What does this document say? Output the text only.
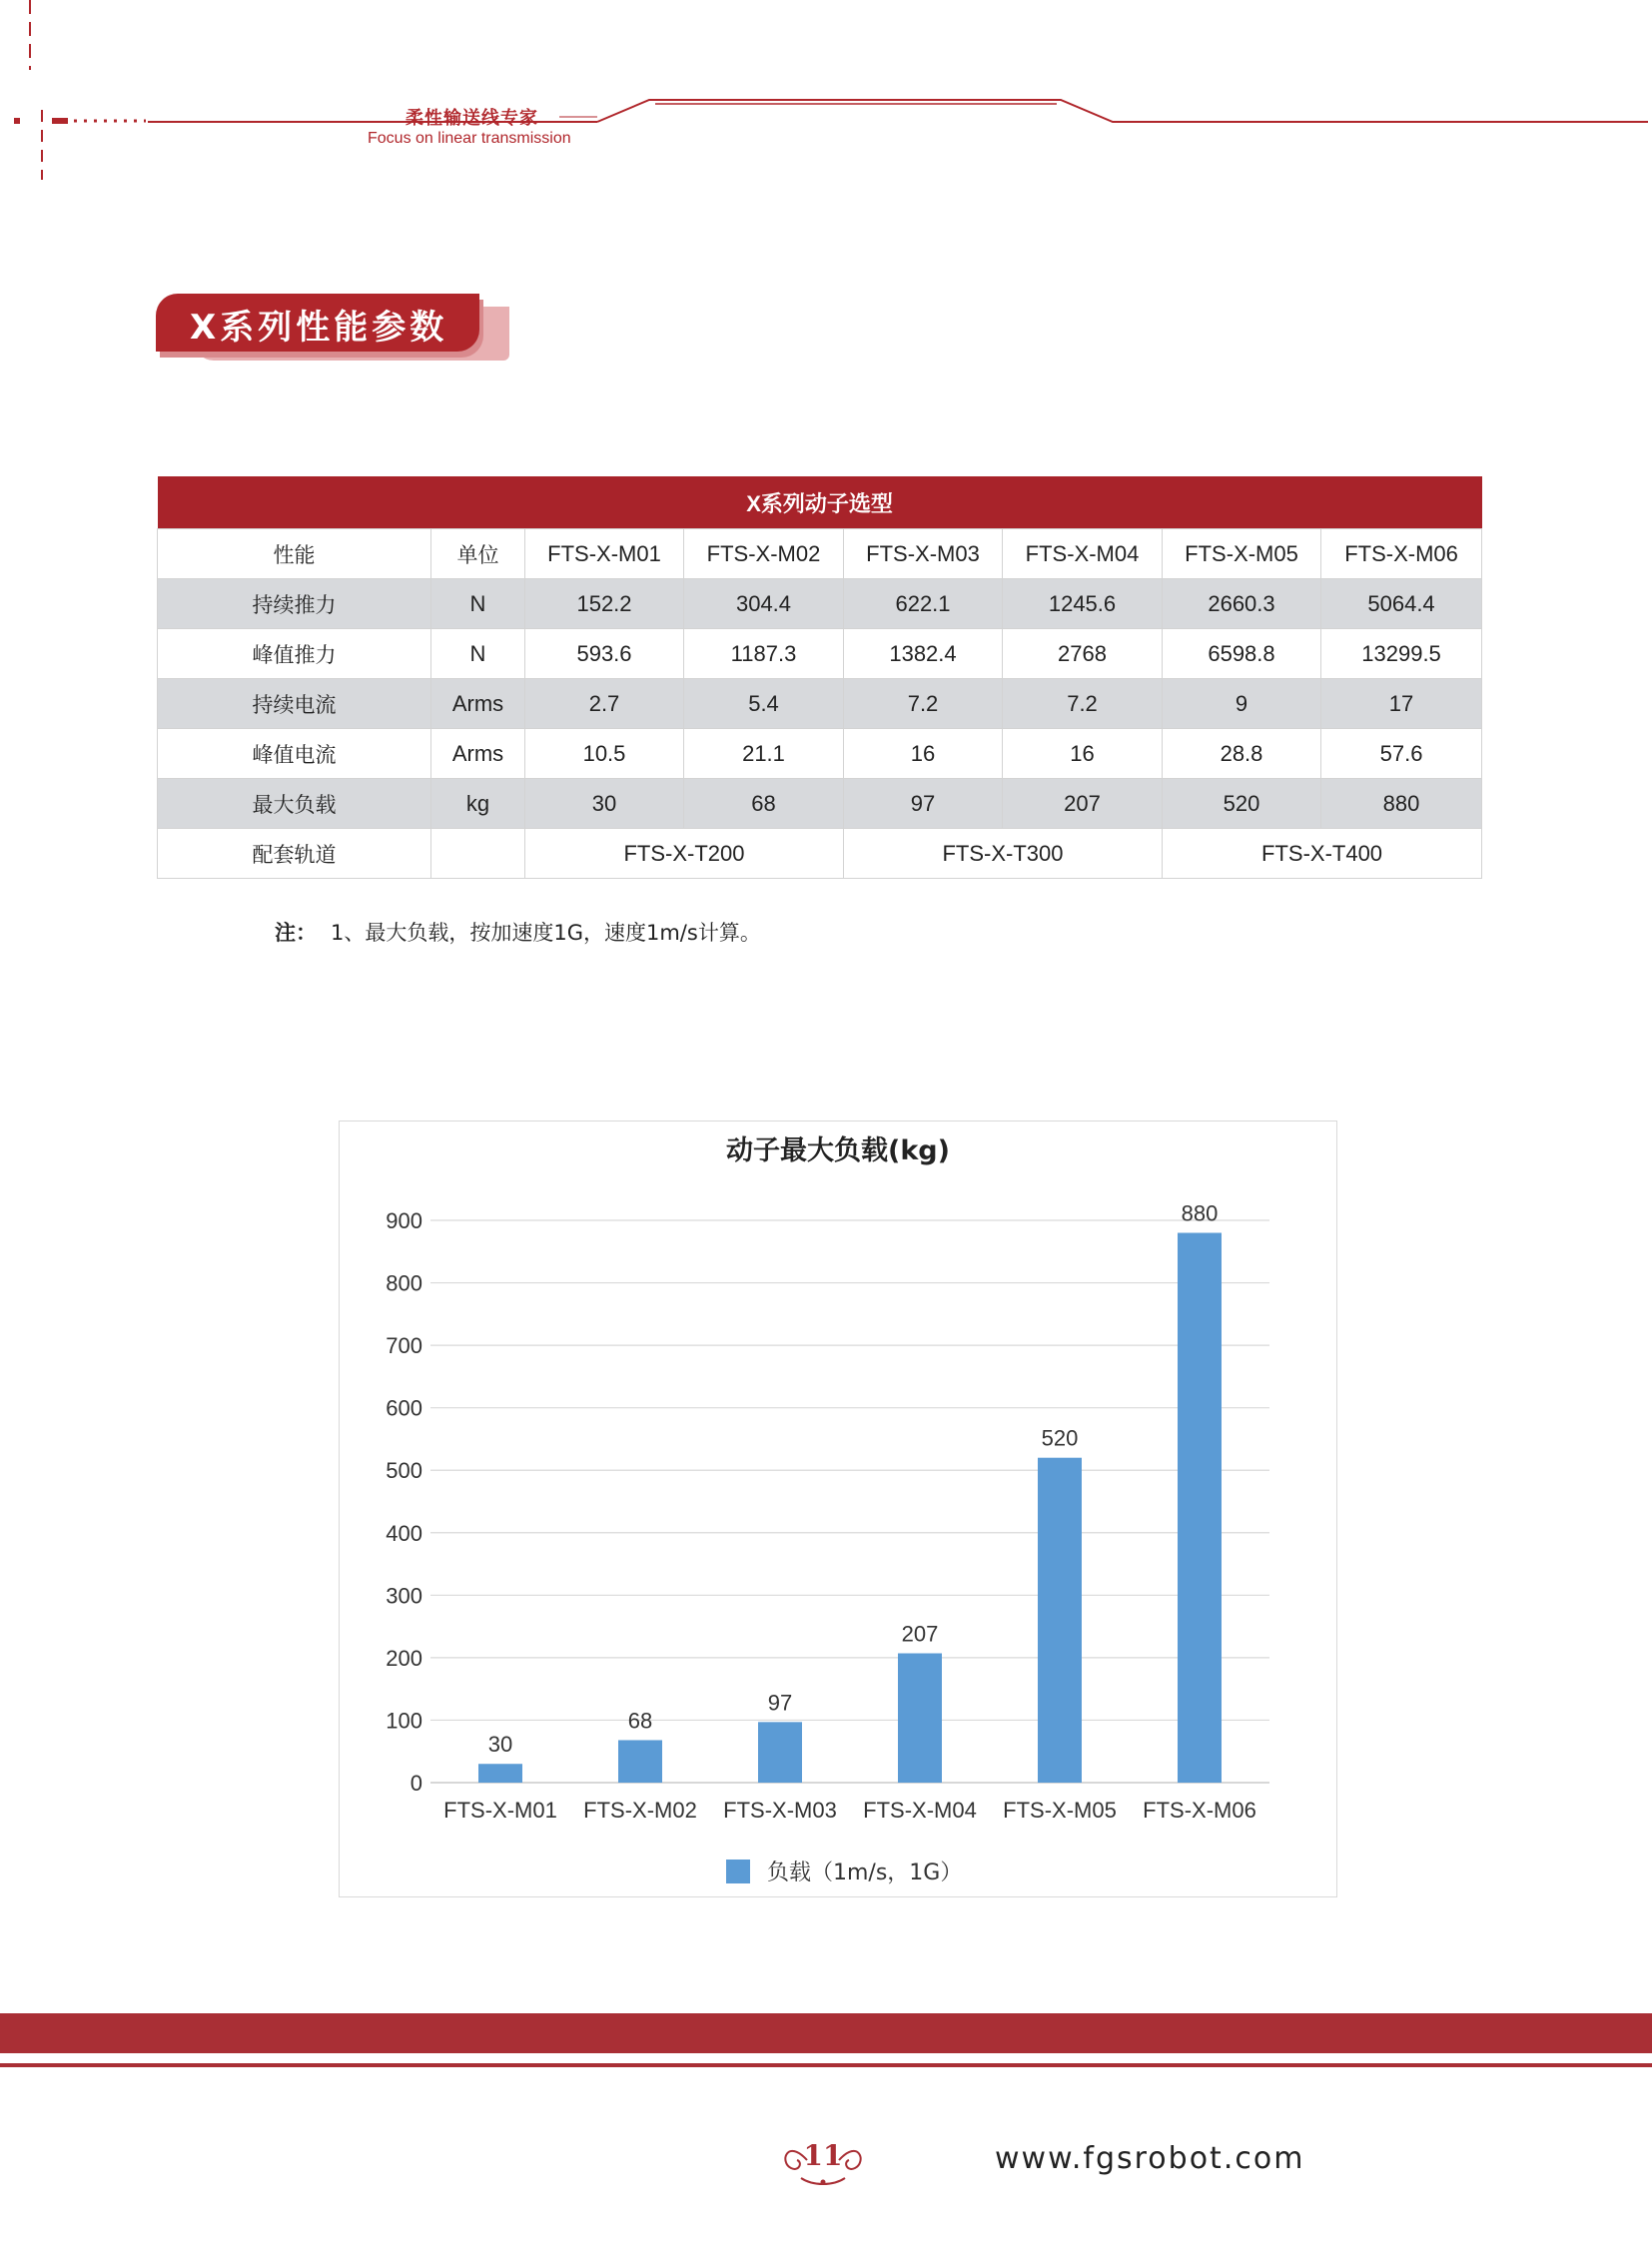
柔性输送线专家
Focus on linear transmission
X系列性能参数
X系列动子选型							
性能	单位	FTS-X-M01	FTS-X-M02	FTS-X-M03	FTS-X-M04	FTS-X-M05	FTS-X-M06
持续推力	N	152.2	304.4	622.1	1245.6	2660.3	5064.4
峰值推力	N	593.6	1187.3	1382.4	2768	6598.8	13299.5
持续电流	Arms	2.7	5.4	7.2	7.2	9	17
峰值电流	Arms	10.5	21.1	16	16	28.8	57.6
最大负载	kg	30	68	97	207	520	880
配套轨道		FTS-X-T200		FTS-X-T300		FTS-X-T400	
注： 1、最大负载，按加速度1G，速度1m/s计算。
动子最大负载(kg)
0
100
200
300
400
500
600
700
800
900
30
FTS-X-M01
68
FTS-X-M02
97
FTS-X-M03
207
FTS-X-M04
520
FTS-X-M05
880
FTS-X-M06
负载（1m/s，1G）
11	www.fgsrobot.com
